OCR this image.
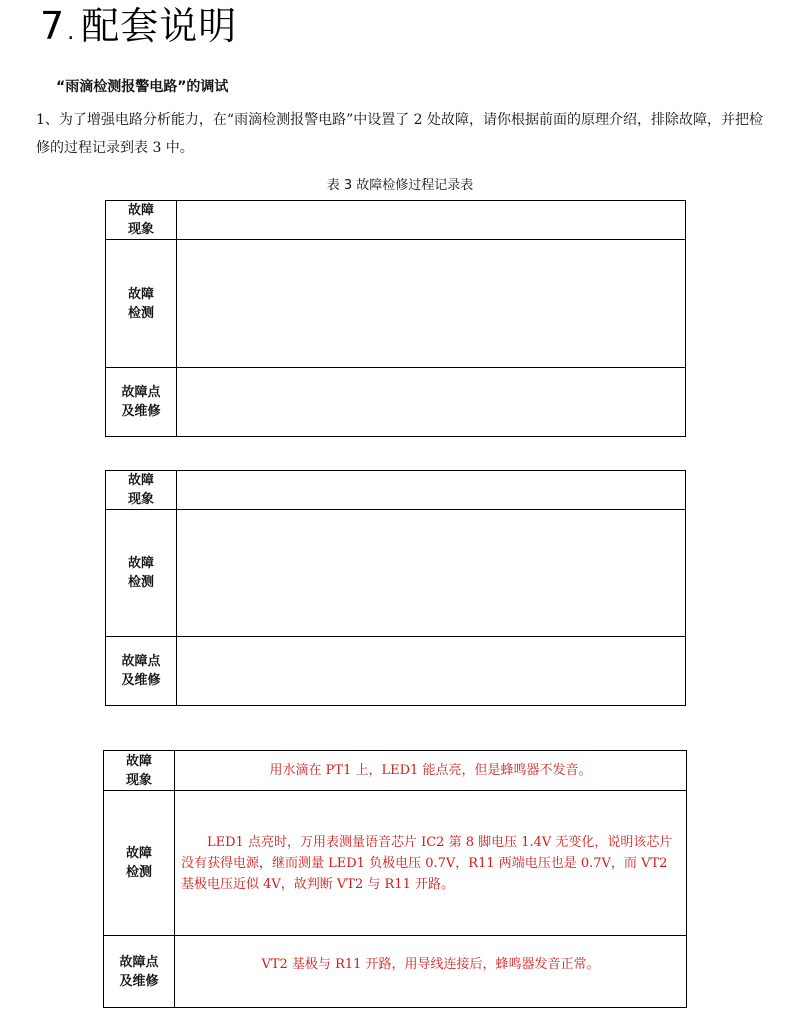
7. 配套说明
“雨滴检测报警电路”的调试
1、为了增强电路分析能力，在“雨滴检测报警电路”中设置了 2 处故障，请你根据前面的原理介绍，排除故障，并把检修的过程记录到表 3 中。
表 3 故障检修过程记录表
故障
现象	

故障
检测	

故障点
及维修	

故障
现象	

故障
检测	

故障点
及维修	

故障
现象	用水滴在 PT1 上，LED1 能点亮，但是蜂鸣器不发音。

故障
检测	LED1 点亮时，万用表测量语音芯片 IC2 第 8 脚电压 1.4V 无变化，说明该芯片没有获得电源，继而测量 LED1 负极电压 0.7V，R11 两端电压也是 0.7V，而 VT2 基极电压近似 4V，故判断 VT2 与 R11 开路。

故障点
及维修	VT2 基极与 R11 开路，用导线连接后，蜂鸣器发音正常。
